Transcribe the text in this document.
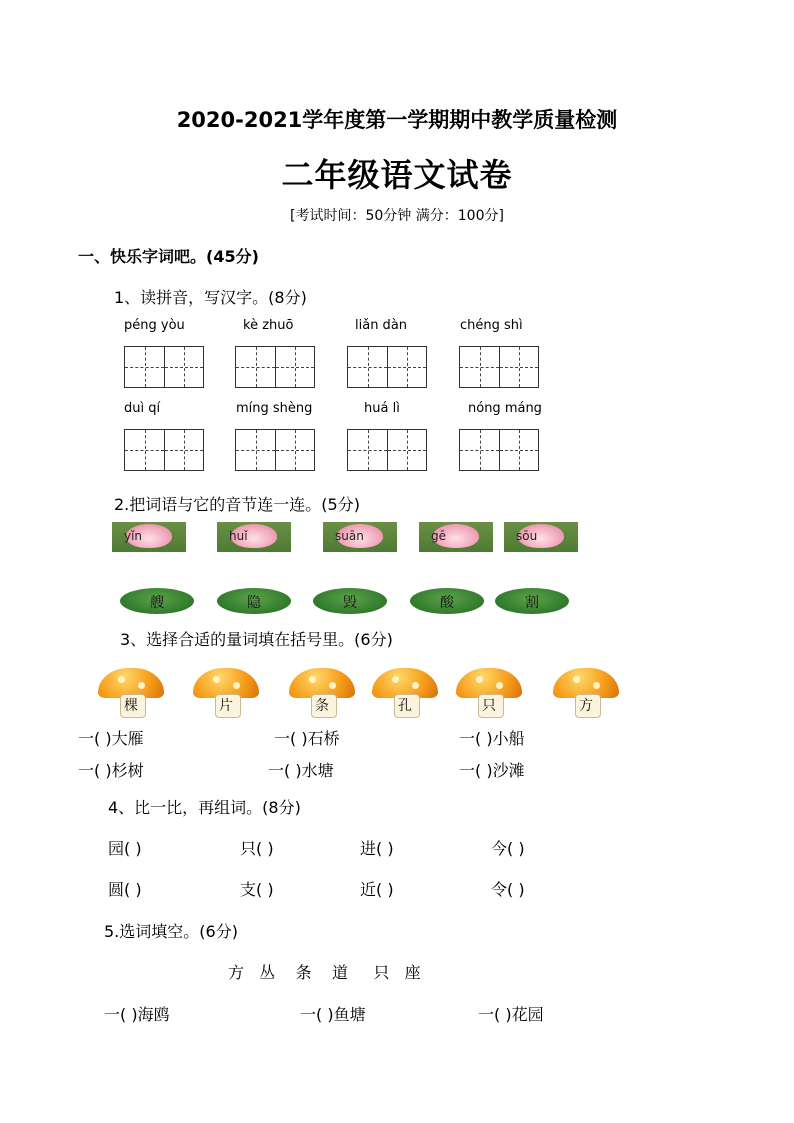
2020-2021学年度第一学期期中教学质量检测
二年级语文试卷
[考试时间：50分钟 满分：100分]
一、快乐字词吧。(45分)
1、读拼音，写汉字。(8分)
péng yòu	kè zhuō	liǎn dàn	chéng shì
duì qí	míng shèng	huá lì	nóng máng
2.把词语与它的音节连一连。(5分)
yǐn	huǐ	suān	gē	sōu
艘	隐	毁	酸	割
3、选择合适的量词填在括号里。(6分)
棵	片	条	孔	只	方
一( )大雁	一( )石桥	一( )小船
一( )杉树	一( )水塘	一( )沙滩
4、比一比，再组词。(8分)
园( )	只( )	进( )	今( )
圆( )	支( )	近( )	令( )
5.选词填空。(6分)
方   丛    条    道     只   座
一( )海鸥	一( )鱼塘	一( )花园
